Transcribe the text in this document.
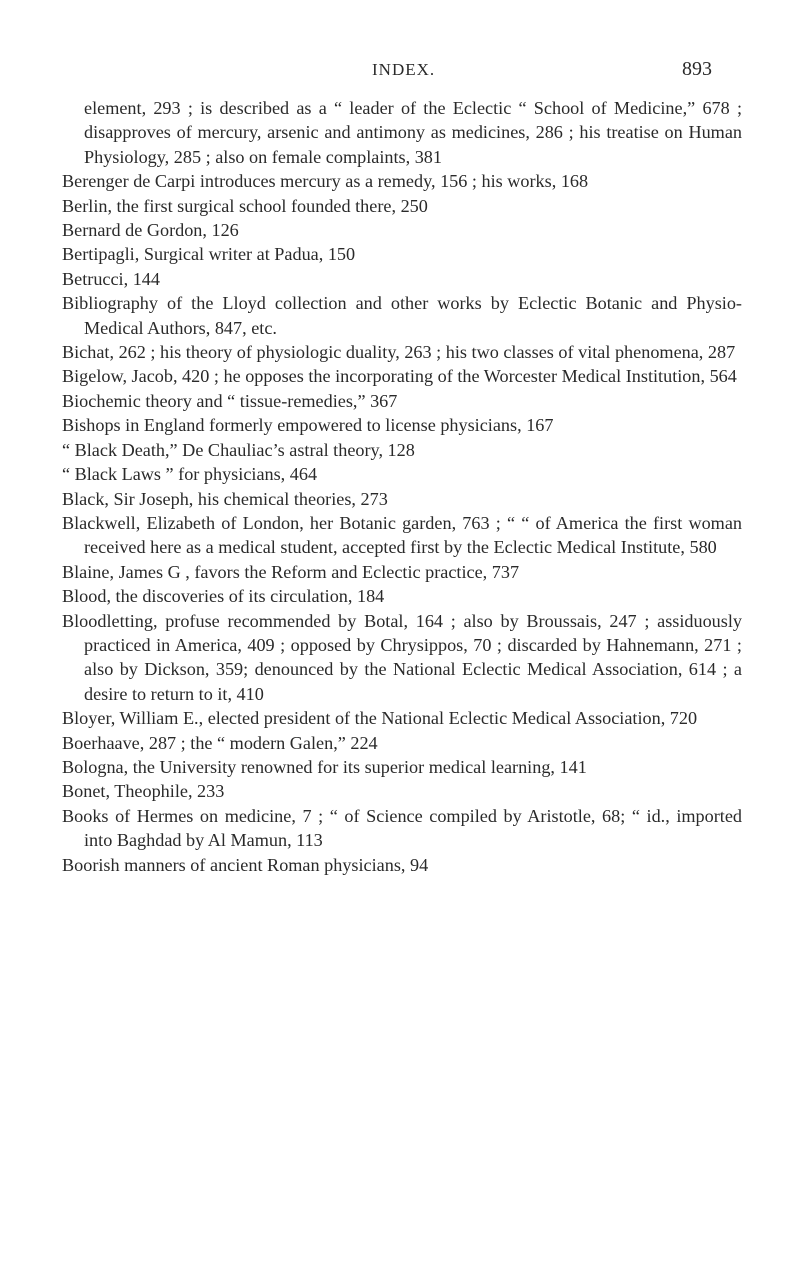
INDEX.	893
element, 293 ; is described as a “ leader of the Eclectic “ School of Medicine,” 678 ; disapproves of mercury, arsenic and antimony as medicines, 286 ; his treatise on Human Physiology, 285 ; also on female complaints, 381
Berenger de Carpi introduces mercury as a remedy, 156 ; his works, 168
Berlin, the first surgical school founded there, 250
Bernard de Gordon, 126
Bertipagli, Surgical writer at Padua, 150
Betrucci, 144
Bibliography of the Lloyd collection and other works by Eclectic Botanic and Physio-Medical Authors, 847, etc.
Bichat, 262 ; his theory of physiologic duality, 263 ; his two classes of vital phenomena, 287
Bigelow, Jacob, 420 ; he opposes the incorporating of the Worcester Medical Institution, 564
Biochemic theory and “ tissue-remedies,” 367
Bishops in England formerly empowered to license physicians, 167
“ Black Death,” De Chauliac’s astral theory, 128
“ Black Laws ” for physicians, 464
Black, Sir Joseph, his chemical theories, 273
Blackwell, Elizabeth of London, her Botanic garden, 763 ; “ “ of America the first woman received here as a medical student, accepted first by the Eclectic Medical Institute, 580
Blaine, James G , favors the Reform and Eclectic practice, 737
Blood, the discoveries of its circulation, 184
Bloodletting, profuse recommended by Botal, 164 ; also by Broussais, 247 ; assiduously practiced in America, 409 ; opposed by Chrysippos, 70 ; discarded by Hahnemann, 271 ; also by Dickson, 359; denounced by the National Eclectic Medical Association, 614 ; a desire to return to it, 410
Bloyer, William E., elected president of the National Eclectic Medical Association, 720
Boerhaave, 287 ; the “ modern Galen,” 224
Bologna, the University renowned for its superior medical learning, 141
Bonet, Theophile, 233
Books of Hermes on medicine, 7 ; “ of Science compiled by Aristotle, 68; “ id., imported into Baghdad by Al Mamun, 113
Boorish manners of ancient Roman physicians, 94
